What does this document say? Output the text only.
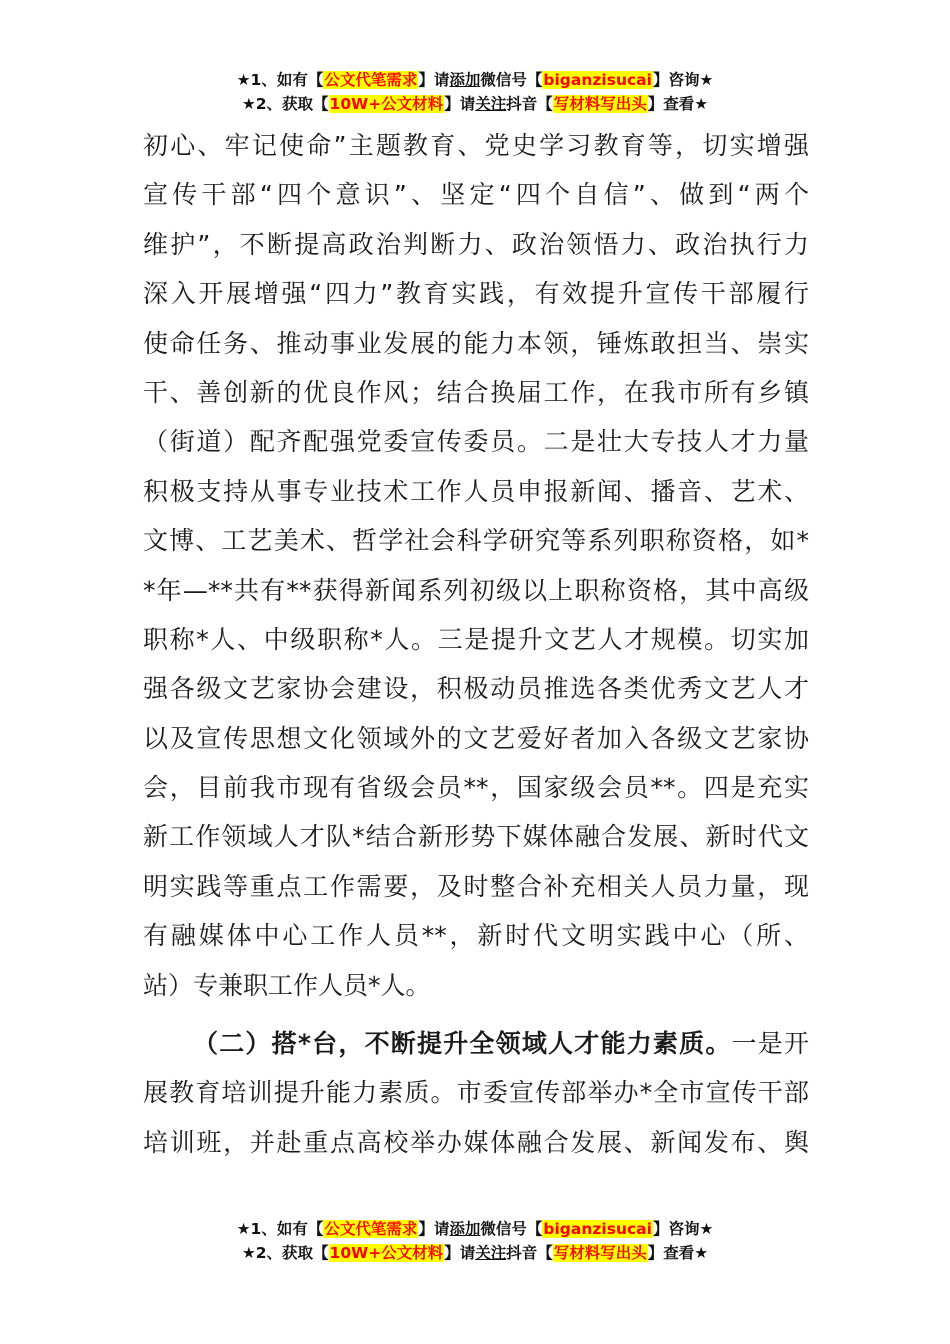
★1、如有【公文代笔需求】请添加微信号【biganzisucai】咨询★
★2、获取【10W+公文材料】请关注抖音【写材料写出头】查看★
初心、牢记使命”主题教育、党史学习教育等，切实增强
宣传干部“四个意识”、坚定“四个自信”、做到“两个
维护”，不断提高政治判断力、政治领悟力、政治执行力
深入开展增强“四力”教育实践，有效提升宣传干部履行
使命任务、推动事业发展的能力本领，锤炼敢担当、崇实
干、善创新的优良作风；结合换届工作，在我市所有乡镇
（街道）配齐配强党委宣传委员。二是壮大专技人才力量
积极支持从事专业技术工作人员申报新闻、播音、艺术、
文博、工艺美术、哲学社会科学研究等系列职称资格，如*
*年—**共有**获得新闻系列初级以上职称资格，其中高级
职称*人、中级职称*人。三是提升文艺人才规模。切实加
强各级文艺家协会建设，积极动员推选各类优秀文艺人才
以及宣传思想文化领域外的文艺爱好者加入各级文艺家协
会，目前我市现有省级会员**，国家级会员**。四是充实
新工作领域人才队*结合新形势下媒体融合发展、新时代文
明实践等重点工作需要，及时整合补充相关人员力量，现
有融媒体中心工作人员**，新时代文明实践中心（所、
站）专兼职工作人员*人。
（二）搭*台，不断提升全领域人才能力素质。一是开
展教育培训提升能力素质。市委宣传部举办*全市宣传干部
培训班，并赴重点高校举办媒体融合发展、新闻发布、舆
★1、如有【公文代笔需求】请添加微信号【biganzisucai】咨询★
★2、获取【10W+公文材料】请关注抖音【写材料写出头】查看★
